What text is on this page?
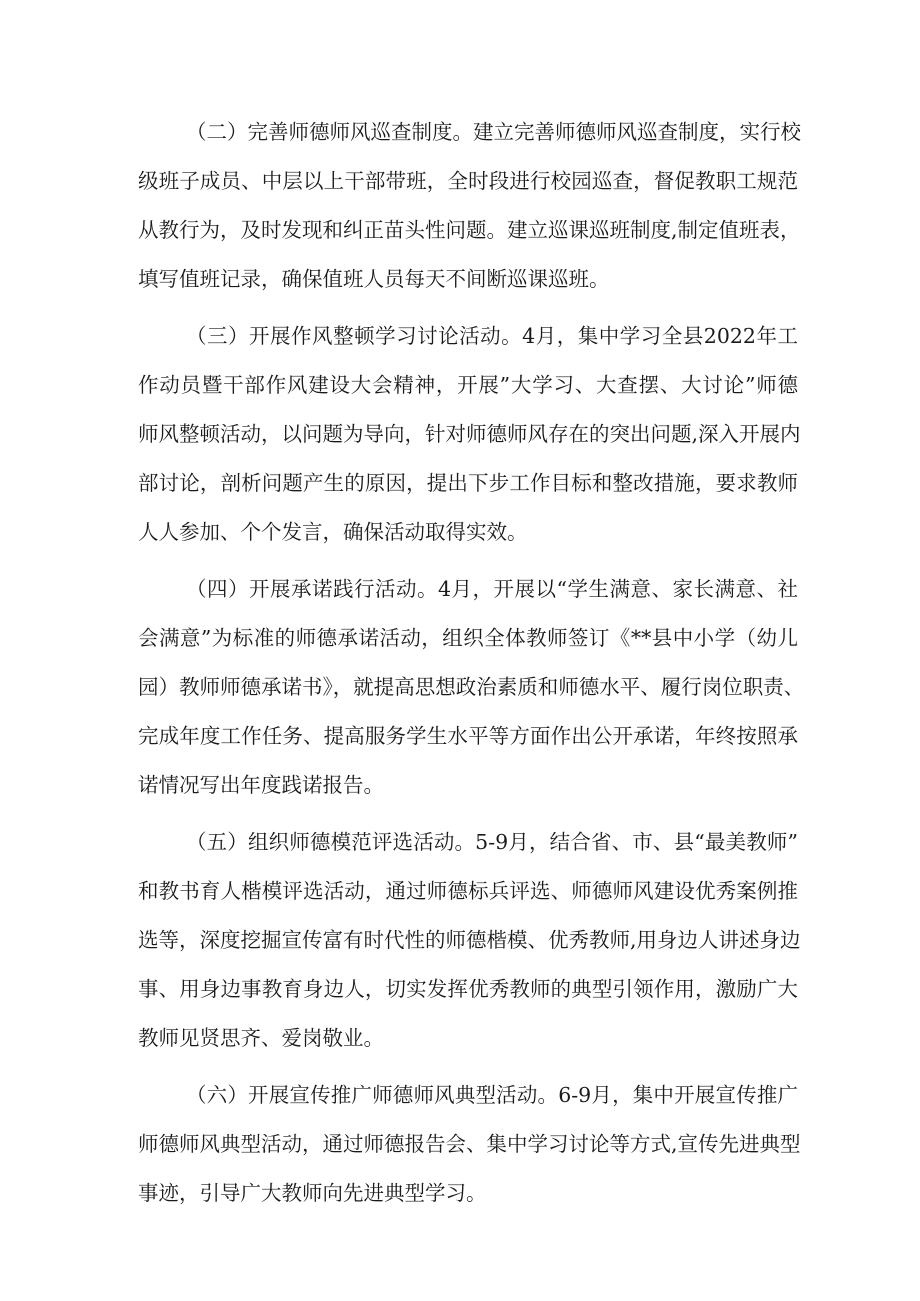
（二）完善师德师风巡查制度。建立完善师德师风巡查制度，实行校
级班子成员、中层以上干部带班，全时段进行校园巡查，督促教职工规范
从教行为，及时发现和纠正苗头性问题。建立巡课巡班制度,制定值班表，
填写值班记录，确保值班人员每天不间断巡课巡班。
（三）开展作风整顿学习讨论活动。4月，集中学习全县2022年工
作动员暨干部作风建设大会精神，开展”大学习、大查摆、大讨论”师德
师风整顿活动，以问题为导向，针对师德师风存在的突出问题,深入开展内
部讨论，剖析问题产生的原因，提出下步工作目标和整改措施，要求教师
人人参加、个个发言，确保活动取得实效。
（四）开展承诺践行活动。4月，开展以“学生满意、家长满意、社
会满意”为标准的师德承诺活动，组织全体教师签订《**县中小学（幼儿
园）教师师德承诺书》，就提高思想政治素质和师德水平、履行岗位职责、
完成年度工作任务、提高服务学生水平等方面作出公开承诺，年终按照承
诺情况写出年度践诺报告。
（五）组织师德模范评选活动。5-9月，结合省、市、县“最美教师”
和教书育人楷模评选活动，通过师德标兵评选、师德师风建设优秀案例推
选等，深度挖掘宣传富有时代性的师德楷模、优秀教师,用身边人讲述身边
事、用身边事教育身边人，切实发挥优秀教师的典型引领作用，激励广大
教师见贤思齐、爱岗敬业。
（六）开展宣传推广师德师风典型活动。6-9月，集中开展宣传推广
师德师风典型活动，通过师德报告会、集中学习讨论等方式,宣传先进典型
事迹，引导广大教师向先进典型学习。
